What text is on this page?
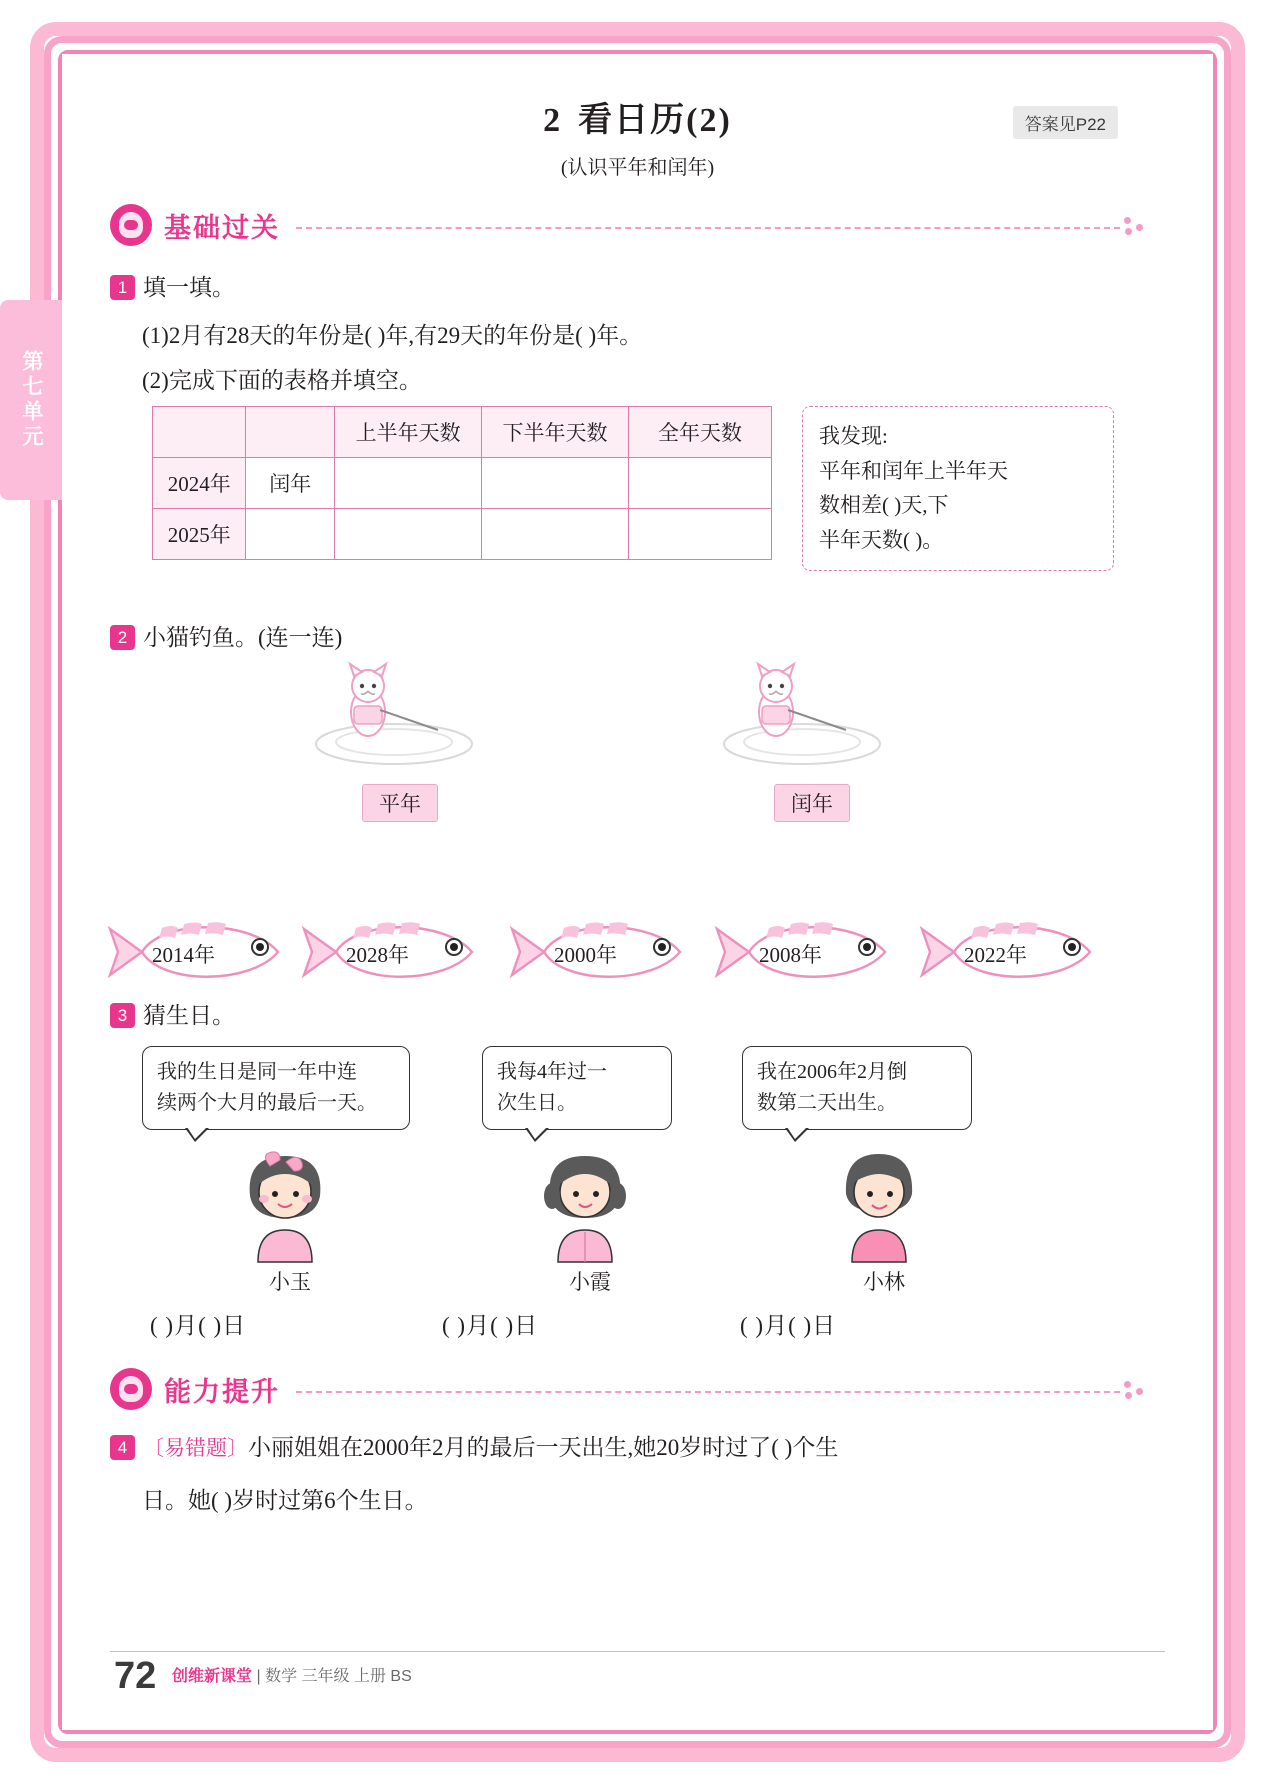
第七单元
2 看日历(2)
(认识平年和闰年)
答案见P22
基础过关
1 填一填。
(1)2月有28天的年份是( )年,有29天的年份是( )年。
(2)完成下面的表格并填空。
		上半年天数	下半年天数	全年天数
2024年	闰年			
2025年				
我发现:
平年和闰年上半年天
数相差( )天,下
半年天数( )。
2 小猫钓鱼。(连一连)
平年	闰年
2014年	2028年	2000年	2008年	2022年
3 猜生日。
我的生日是同一年中连
续两个大月的最后一天。
小玉
( )月( )日
我每4年过一
次生日。
小霞
( )月( )日
我在2006年2月倒
数第二天出生。
小林
( )月( )日
能力提升
4 〔易错题〕小丽姐姐在2000年2月的最后一天出生,她20岁时过了( )个生
日。她( )岁时过第6个生日。
72 创维新课堂 | 数学 三年级 上册 BS
